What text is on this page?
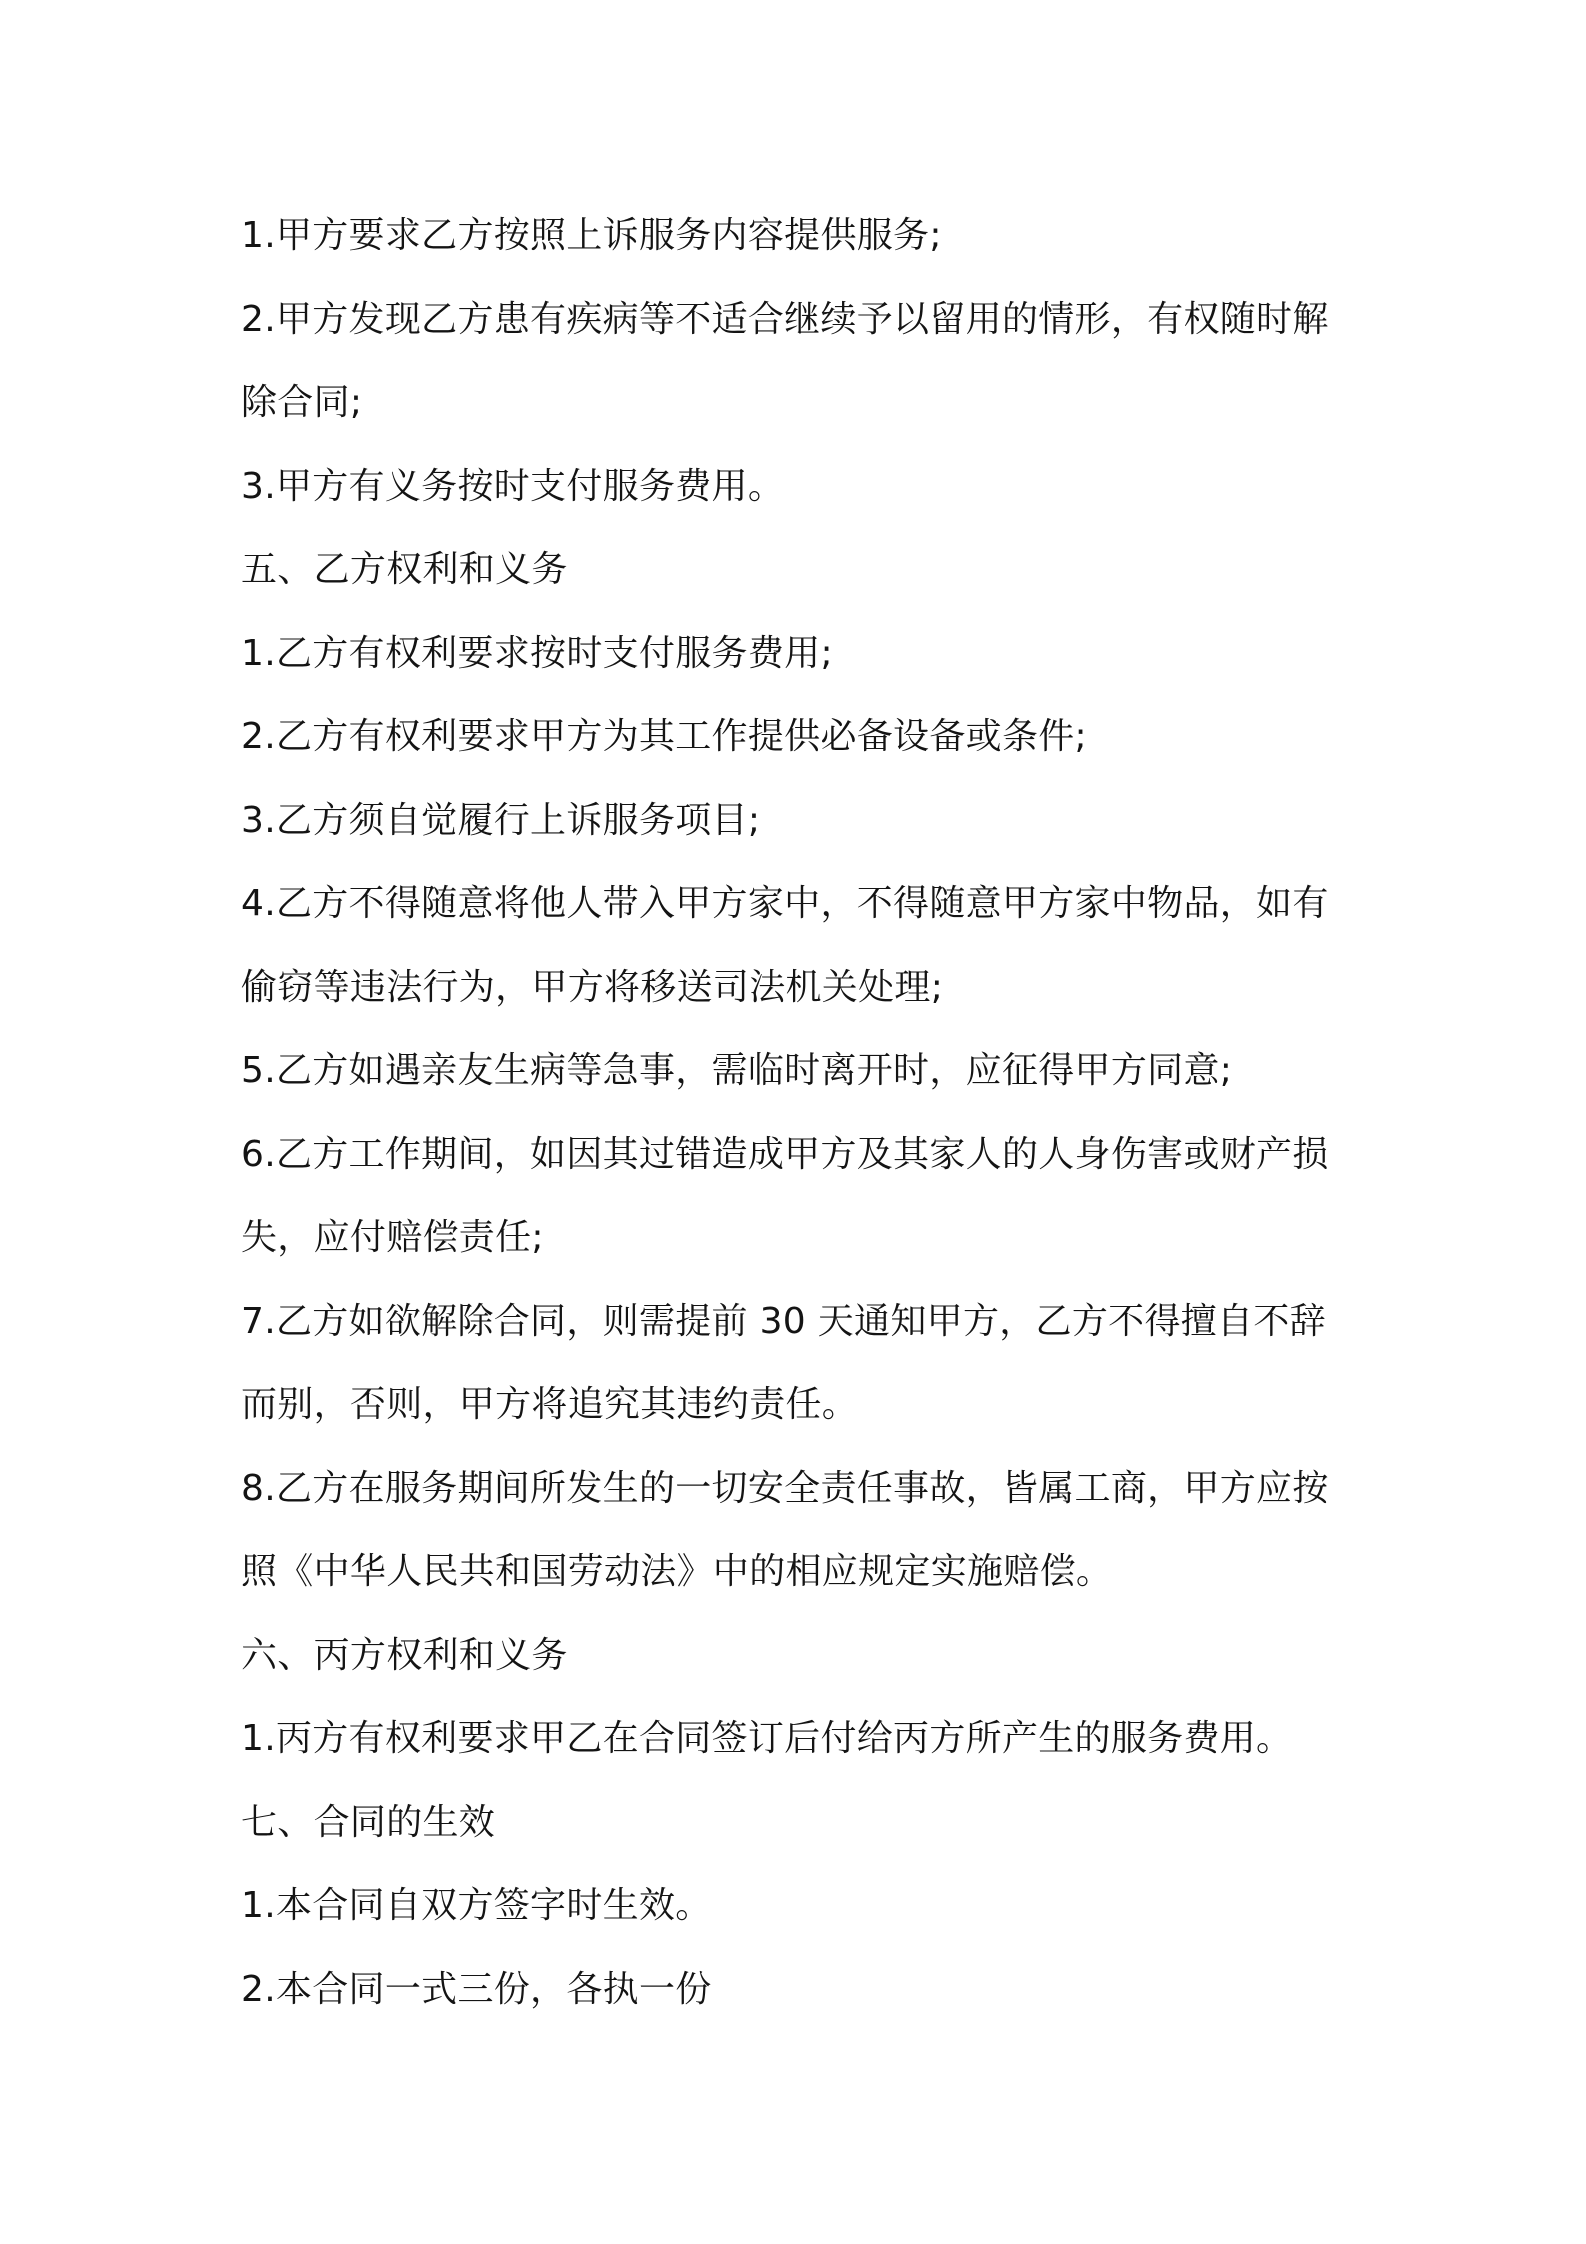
1.甲方要求乙方按照上诉服务内容提供服务;
2.甲方发现乙方患有疾病等不适合继续予以留用的情形，有权随时解
除合同;
3.甲方有义务按时支付服务费用。
五、乙方权利和义务
1.乙方有权利要求按时支付服务费用;
2.乙方有权利要求甲方为其工作提供必备设备或条件;
3.乙方须自觉履行上诉服务项目;
4.乙方不得随意将他人带入甲方家中，不得随意甲方家中物品，如有
偷窃等违法行为，甲方将移送司法机关处理;
5.乙方如遇亲友生病等急事，需临时离开时，应征得甲方同意;
6.乙方工作期间，如因其过错造成甲方及其家人的人身伤害或财产损
失，应付赔偿责任;
7.乙方如欲解除合同，则需提前 30 天通知甲方，乙方不得擅自不辞
而别，否则，甲方将追究其违约责任。
8.乙方在服务期间所发生的一切安全责任事故，皆属工商，甲方应按
照《中华人民共和国劳动法》中的相应规定实施赔偿。
六、丙方权利和义务
1.丙方有权利要求甲乙在合同签订后付给丙方所产生的服务费用。
七、合同的生效
1.本合同自双方签字时生效。
2.本合同一式三份，各执一份
